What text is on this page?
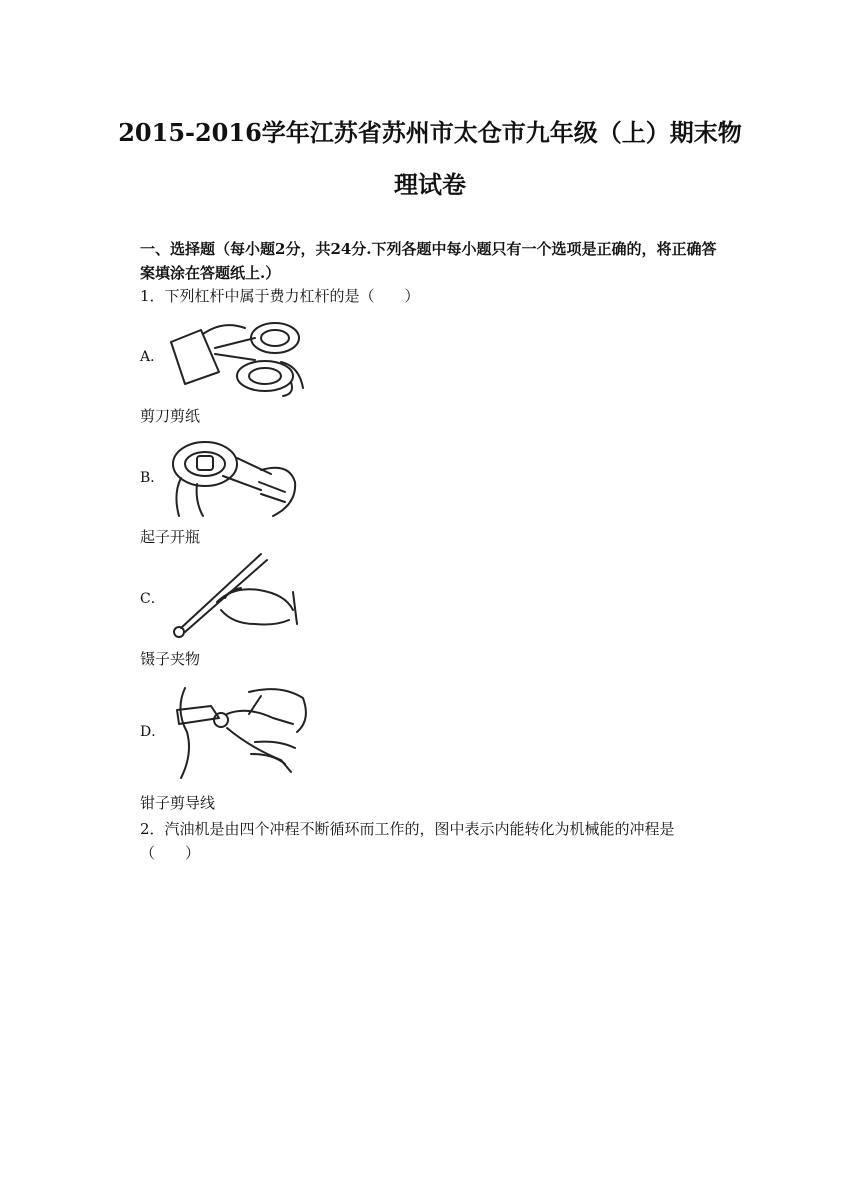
2015-2016学年江苏省苏州市太仓市九年级（上）期末物
理试卷
一、选择题（每小题2分，共24分.下列各题中每小题只有一个选项是正确的，将正确答案填涂在答题纸上.）
1．下列杠杆中属于费力杠杆的是（　　）
A．
剪刀剪纸
B．
起子开瓶
C．
镊子夹物
D．
钳子剪导线
2．汽油机是由四个冲程不断循环而工作的，图中表示内能转化为机械能的冲程是
（　　）
